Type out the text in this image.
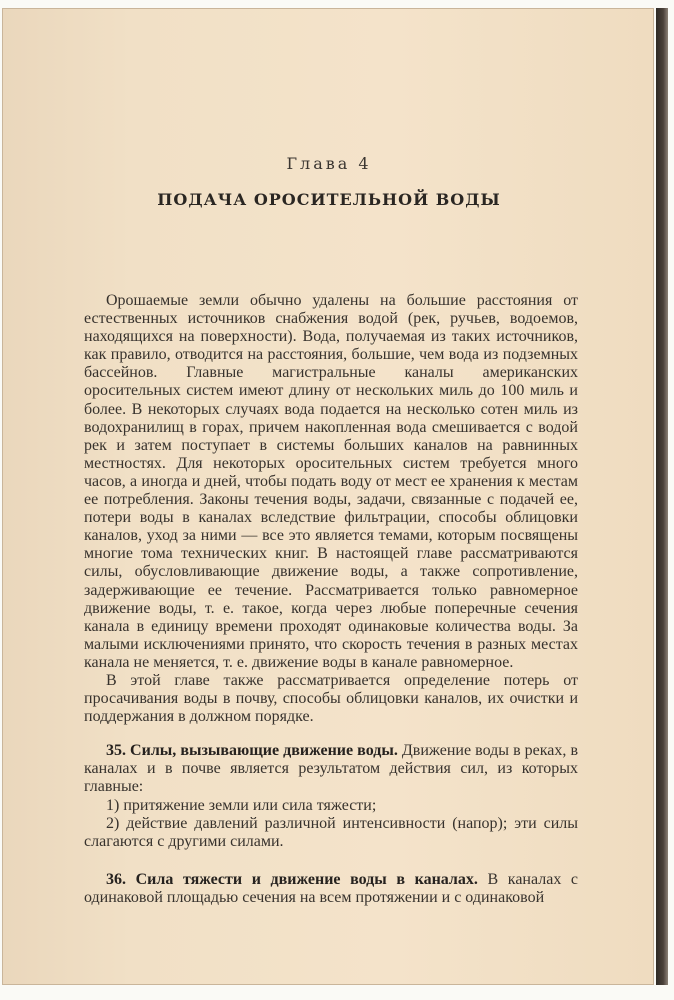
Глава 4
ПОДАЧА ОРОСИТЕЛЬНОЙ ВОДЫ

Орошаемые земли обычно удалены на большие расстояния от естественных источников снабжения водой (рек, ручьев, водоемов, находящихся на поверхности). Вода, получаемая из таких источников, как правило, отводится на расстояния, большие, чем вода из подземных бассейнов. Главные магистральные каналы американских оросительных систем имеют длину от нескольких миль до 100 миль и более. В некоторых случаях вода подается на несколько сотен миль из водохранилищ в горах, причем накопленная вода смешивается с водой рек и затем поступает в системы больших каналов на равнинных местностях. Для некоторых оросительных систем требуется много часов, а иногда и дней, чтобы подать воду от мест ее хранения к местам ее потребления. Законы течения воды, задачи, связанные с подачей ее, потери воды в каналах вследствие фильтрации, способы облицовки каналов, уход за ними — все это является темами, которым посвящены многие тома технических книг. В настоящей главе рассматриваются силы, обусловливающие движение воды, а также сопротивление, задерживающие ее течение. Рассматривается только равномерное движение воды, т. е. такое, когда через любые поперечные сечения канала в единицу времени проходят одинаковые количества воды. За малыми исключениями принято, что скорость течения в разных местах канала не меняется, т. е. движение воды в канале равномерное.

В этой главе также рассматривается определение потерь от просачивания воды в почву, способы облицовки каналов, их очистки и поддержания в должном порядке.

35. Силы, вызывающие движение воды. Движение воды в реках, в каналах и в почве является результатом действия сил, из которых главные:

1) притяжение земли или сила тяжести;

2) действие давлений различной интенсивности (напор); эти силы слагаются с другими силами.

36. Сила тяжести и движение воды в каналах. В каналах с одинаковой площадью сечения на всем протяжении и с одинаковой
